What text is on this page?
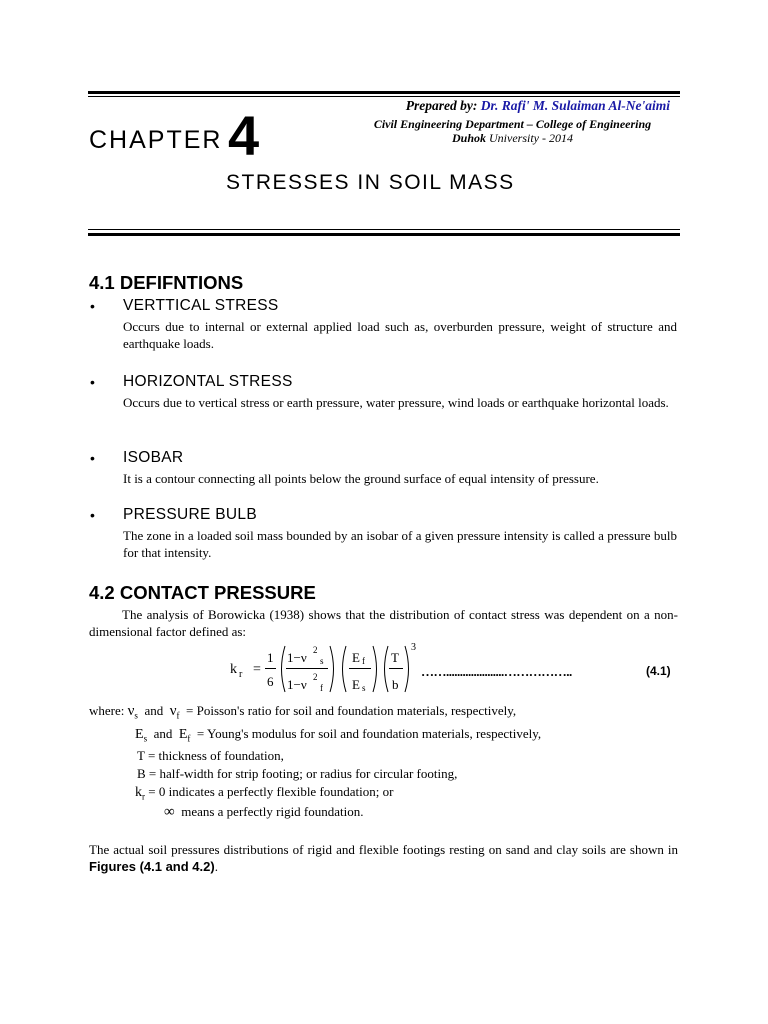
Prepared by: Dr. Rafi' M. Sulaiman Al-Ne'aimi
Civil Engineering Department – College of Engineering
Duhok University - 2014
CHAPTER 4
STRESSES IN SOIL MASS
4.1 DEFIFNTIONS
• VERTTICAL STRESS
Occurs due to internal or external applied load such as, overburden pressure, weight of structure and earthquake loads.
• HORIZONTAL STRESS
Occurs due to vertical stress or earth pressure, water pressure, wind loads or earthquake horizontal loads.
• ISOBAR
It is a contour connecting all points below the ground surface of equal intensity of pressure.
• PRESSURE BULB
The zone in a loaded soil mass bounded by an isobar of a given pressure intensity is called a pressure bulb for that intensity.
4.2 CONTACT PRESSURE
The analysis of Borowicka (1938) shows that the distribution of contact stress was dependent on a non-dimensional factor defined as:
k r =
1
6
1−ν 2
s
1−ν 2
f
E f
E s
T
b
3
…….....................……………..	(4.1)
where: $\nu_s$ and $\nu_f$ = Poisson's ratio for soil and foundation materials, respectively,
$E_s$ and $E_f$ = Young's modulus for soil and foundation materials, respectively,
T = thickness of foundation,
B = half-width for strip footing; or radius for circular footing,
$k_r = 0$ indicates a perfectly flexible foundation; or
∞ means a perfectly rigid foundation.
The actual soil pressures distributions of rigid and flexible footings resting on sand and clay soils are shown in Figures (4.1 and 4.2).
